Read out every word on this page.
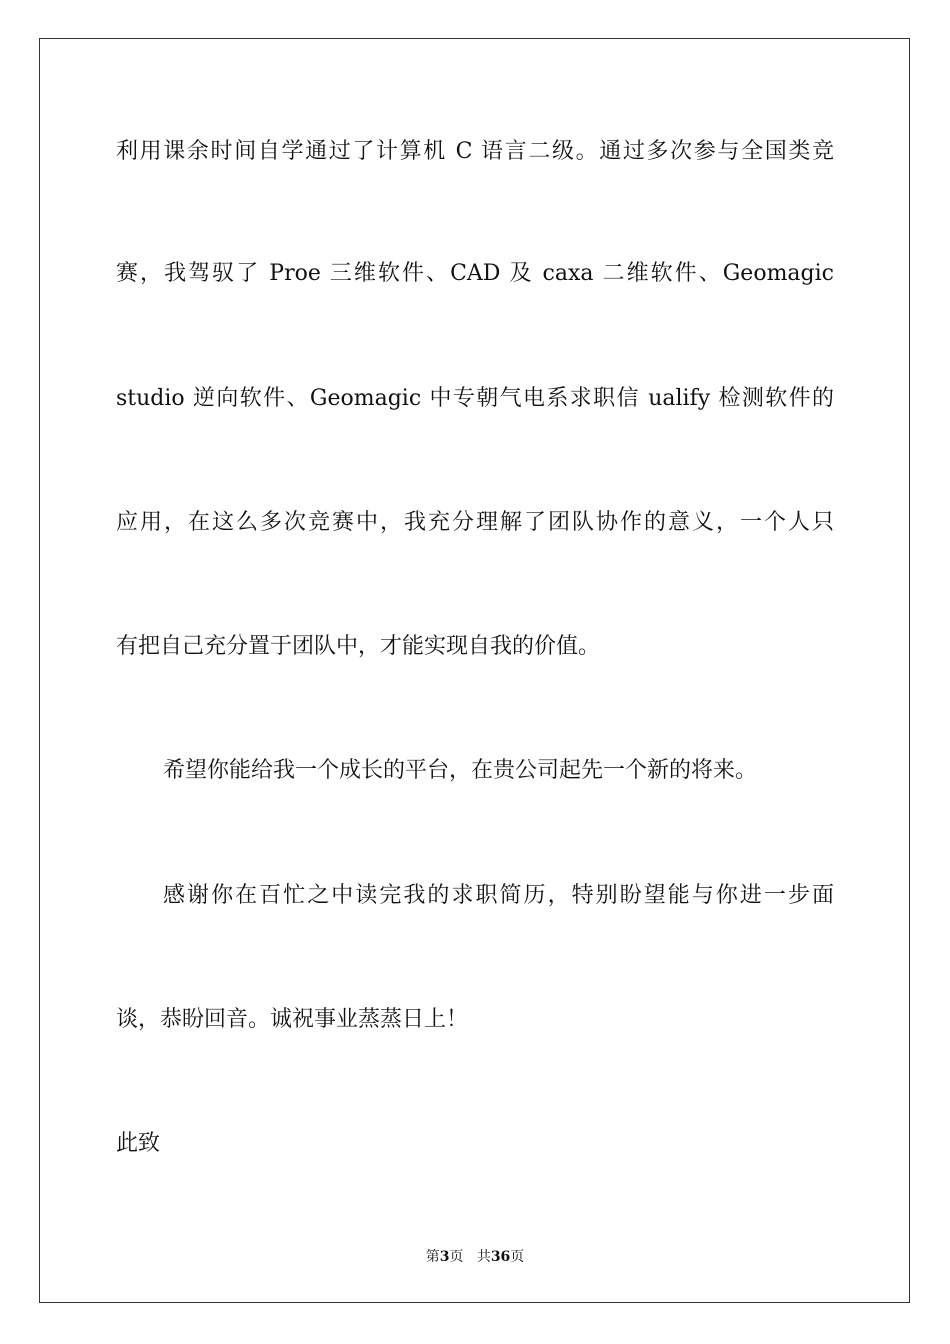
利用课余时间自学通过了计算机 C 语言二级。通过多次参与全国类竞
赛，我驾驭了 Proe 三维软件、CAD 及 caxa 二维软件、Geomagic
studio 逆向软件、Geomagic 中专朝气电系求职信 ualify 检测软件的
应用，在这么多次竞赛中，我充分理解了团队协作的意义，一个人只
有把自己充分置于团队中，才能实现自我的价值。
希望你能给我一个成长的平台，在贵公司起先一个新的将来。
感谢你在百忙之中读完我的求职简历，特别盼望能与你进一步面
谈，恭盼回音。诚祝事业蒸蒸日上！
此致
第3页 共36页
